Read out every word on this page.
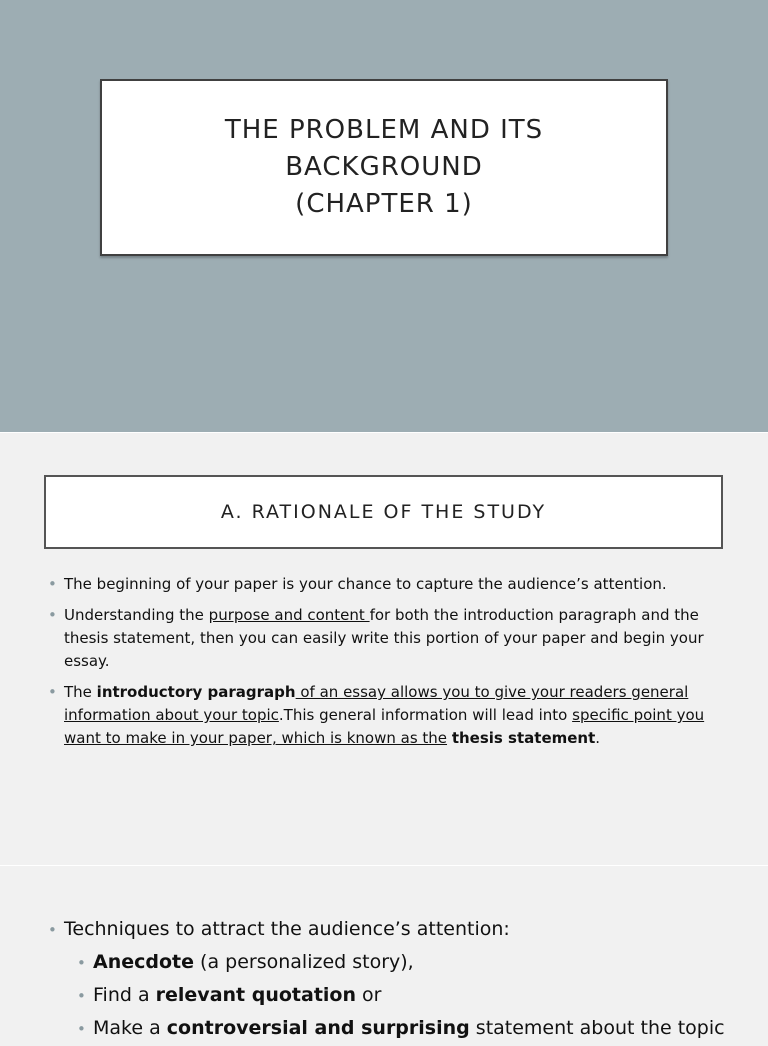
THE PROBLEM AND ITS
BACKGROUND
(CHAPTER 1)
A. RATIONALE OF THE STUDY
• The beginning of your paper is your chance to capture the audience’s attention.
• Understanding the purpose and content for both the introduction paragraph and the thesis statement, then you can easily write this portion of your paper and begin your essay.
• The introductory paragraph of an essay allows you to give your readers general information about your topic.This general information will lead into specific point you want to make in your paper, which is known as the thesis statement.
• Techniques to attract the audience’s attention:
• Anecdote (a personalized story),
• Find a relevant quotation or
• Make a controversial and surprising statement about the topic
